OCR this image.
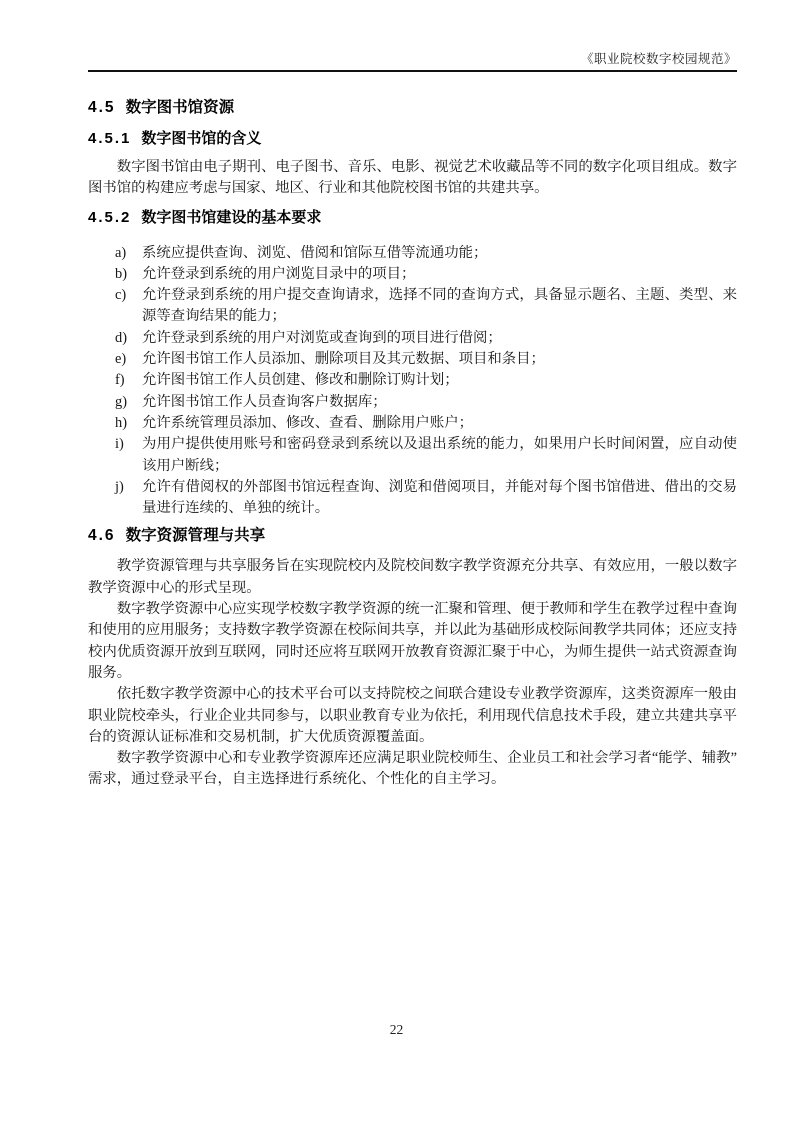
《职业院校数字校园规范》
4.5 数字图书馆资源
4.5.1 数字图书馆的含义

数字图书馆由电子期刊、电子图书、音乐、电影、视觉艺术收藏品等不同的数字化项目组成。数字图书馆的构建应考虑与国家、地区、行业和其他院校图书馆的共建共享。

4.5.2 数字图书馆建设的基本要求
a)	系统应提供查询、浏览、借阅和馆际互借等流通功能；
b)	允许登录到系统的用户浏览目录中的项目；
c)	允许登录到系统的用户提交查询请求，选择不同的查询方式，具备显示题名、主题、类型、来源等查询结果的能力；
d)	允许登录到系统的用户对浏览或查询到的项目进行借阅；
e)	允许图书馆工作人员添加、删除项目及其元数据、项目和条目；
f)	允许图书馆工作人员创建、修改和删除订购计划；
g)	允许图书馆工作人员查询客户数据库；
h)	允许系统管理员添加、修改、查看、删除用户账户；
i)	为用户提供使用账号和密码登录到系统以及退出系统的能力，如果用户长时间闲置，应自动使该用户断线；
j)	允许有借阅权的外部图书馆远程查询、浏览和借阅项目，并能对每个图书馆借进、借出的交易量进行连续的、单独的统计。
4.6 数字资源管理与共享

教学资源管理与共享服务旨在实现院校内及院校间数字教学资源充分共享、有效应用，一般以数字教学资源中心的形式呈现。

数字教学资源中心应实现学校数字教学资源的统一汇聚和管理、便于教师和学生在教学过程中查询和使用的应用服务；支持数字教学资源在校际间共享，并以此为基础形成校际间教学共同体；还应支持校内优质资源开放到互联网，同时还应将互联网开放教育资源汇聚于中心，为师生提供一站式资源查询服务。

依托数字教学资源中心的技术平台可以支持院校之间联合建设专业教学资源库，这类资源库一般由职业院校牵头，行业企业共同参与，以职业教育专业为依托，利用现代信息技术手段，建立共建共享平台的资源认证标准和交易机制，扩大优质资源覆盖面。

数字教学资源中心和专业教学资源库还应满足职业院校师生、企业员工和社会学习者“能学、辅教”需求，通过登录平台，自主选择进行系统化、个性化的自主学习。

22
